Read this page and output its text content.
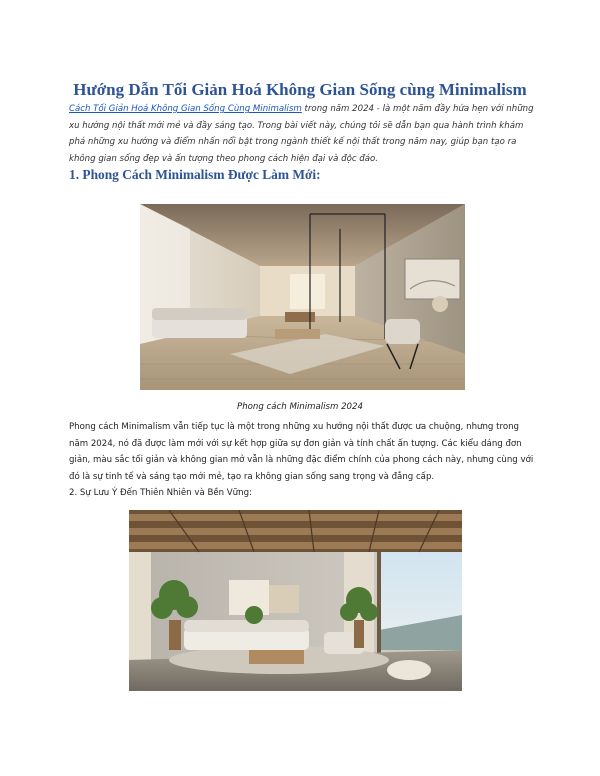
Hướng Dẫn Tối Giản Hoá Không Gian Sống cùng Minimalism

Cách Tối Giản Hoá Không Gian Sống Cùng Minimalism trong năm 2024 - là một năm đầy hứa hẹn với những xu hướng nội thất mới mẻ và đầy sáng tạo. Trong bài viết này, chúng tôi sẽ dẫn bạn qua hành trình khám phá những xu hướng và điểm nhấn nổi bật trong ngành thiết kế nội thất trong năm nay, giúp bạn tạo ra không gian sống đẹp và ấn tượng theo phong cách hiện đại và độc đáo.

1. Phong Cách Minimalism Được Làm Mới:

Phong cách Minimalism 2024

Phong cách Minimalism vẫn tiếp tục là một trong những xu hướng nội thất được ưa chuộng, nhưng trong năm 2024, nó đã được làm mới với sự kết hợp giữa sự đơn giản và tính chất ấn tượng. Các kiểu dáng đơn giản, màu sắc tối giản và không gian mở vẫn là những đặc điểm chính của phong cách này, nhưng cùng với đó là sự tinh tế và sáng tạo mới mẻ, tạo ra không gian sống sang trọng và đẳng cấp.

2. Sự Lưu Ý Đến Thiên Nhiên và Bền Vững:
